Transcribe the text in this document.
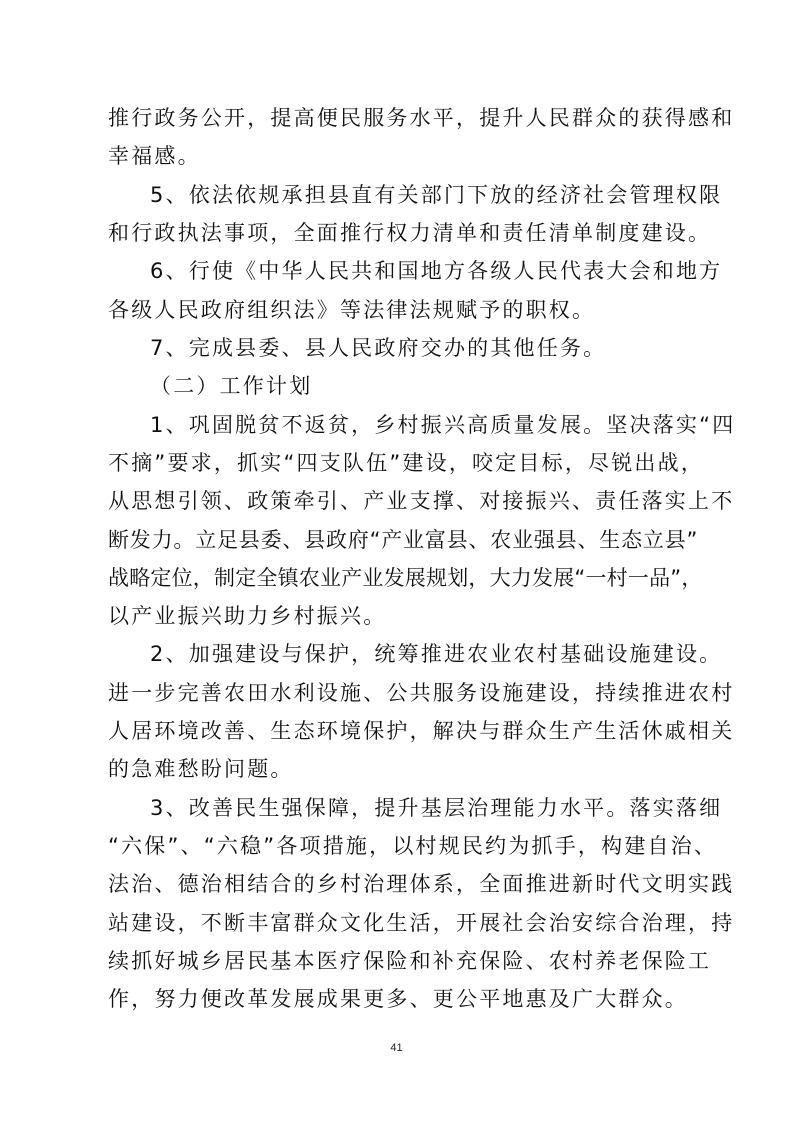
推行政务公开，提高便民服务水平，提升人民群众的获得感和
幸福感。
5、依法依规承担县直有关部门下放的经济社会管理权限
和行政执法事项，全面推行权力清单和责任清单制度建设。
6、行使《中华人民共和国地方各级人民代表大会和地方
各级人民政府组织法》等法律法规赋予的职权。
7、完成县委、县人民政府交办的其他任务。
（二）工作计划
1、巩固脱贫不返贫，乡村振兴高质量发展。坚决落实“四
不摘”要求，抓实“四支队伍”建设，咬定目标，尽锐出战，
从思想引领、政策牵引、产业支撑、对接振兴、责任落实上不
断发力。立足县委、县政府“产业富县、农业强县、生态立县”
战略定位，制定全镇农业产业发展规划，大力发展“一村一品”，
以产业振兴助力乡村振兴。
2、加强建设与保护，统筹推进农业农村基础设施建设。
进一步完善农田水利设施、公共服务设施建设，持续推进农村
人居环境改善、生态环境保护，解决与群众生产生活休戚相关
的急难愁盼问题。
3、改善民生强保障，提升基层治理能力水平。落实落细
“六保”、“六稳”各项措施，以村规民约为抓手，构建自治、
法治、德治相结合的乡村治理体系，全面推进新时代文明实践
站建设，不断丰富群众文化生活，开展社会治安综合治理，持
续抓好城乡居民基本医疗保险和补充保险、农村养老保险工
作，努力便改革发展成果更多、更公平地惠及广大群众。
41
